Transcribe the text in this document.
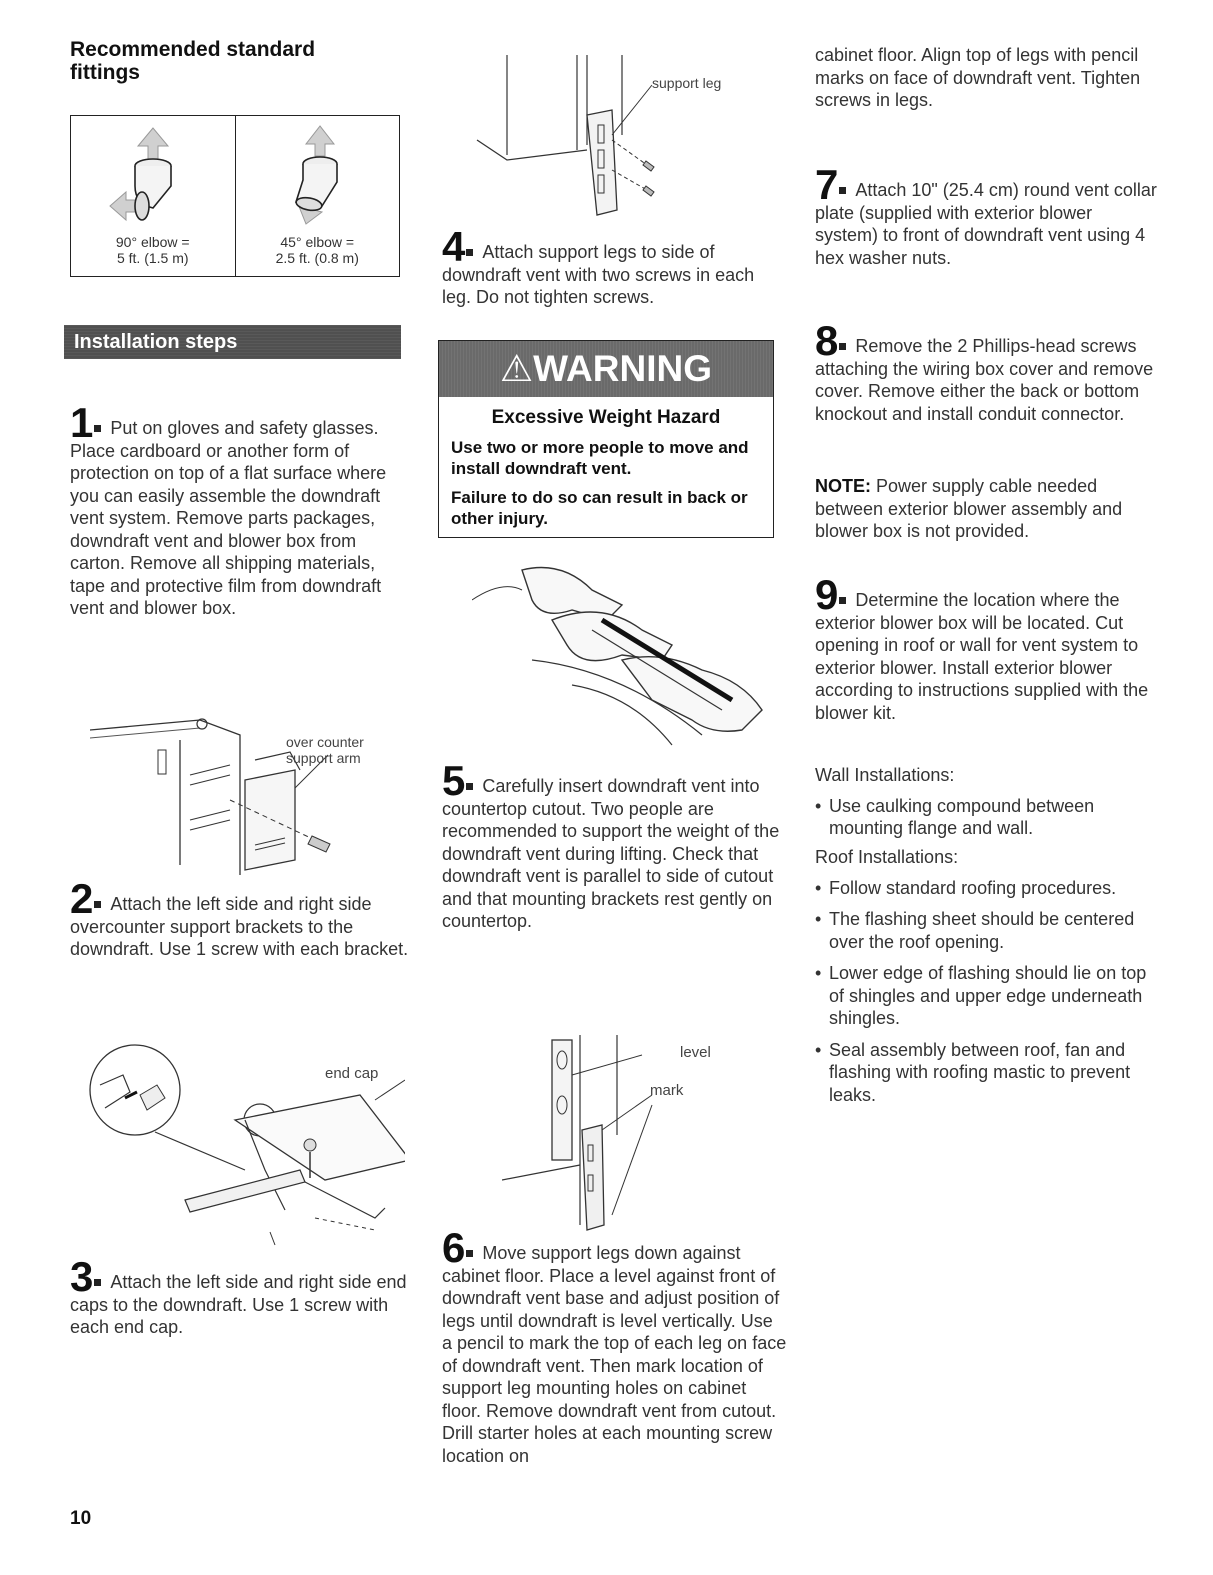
Recommended standard
fittings
90° elbow =
5 ft. (1.5 m)
45° elbow =
2.5 ft. (0.8 m)
Installation steps

1 Put on gloves and safety glasses. Place cardboard or another form of protection on top of a flat surface where you can easily assemble the downdraft vent system. Remove parts packages, downdraft vent and blower box from carton. Remove all shipping materials, tape and protective film from downdraft vent and blower box.

over counter
support arm

2 Attach the left side and right side overcounter support brackets to the downdraft. Use 1 screw with each bracket.

end cap

3 Attach the left side and right side end caps to the downdraft. Use 1 screw with each end cap.

support leg

4 Attach support legs to side of downdraft vent with two screws in each leg. Do not tighten screws.

⚠WARNING
Excessive Weight Hazard
Use two or more people to move and install downdraft vent.
Failure to do so can result in back or other injury.

5 Carefully insert downdraft vent into countertop cutout. Two people are recommended to support the weight of the downdraft vent during lifting. Check that downdraft vent is parallel to side of cutout and that mounting brackets rest gently on countertop.

level
mark

6 Move support legs down against cabinet floor. Place a level against front of downdraft vent base and adjust position of legs until downdraft is level vertically. Use a pencil to mark the top of each leg on face of downdraft vent. Then mark location of support leg mounting holes on cabinet floor. Remove downdraft vent from cutout. Drill starter holes at each mounting screw location on

cabinet floor. Align top of legs with pencil marks on face of downdraft vent. Tighten screws in legs.

7 Attach 10" (25.4 cm) round vent collar plate (supplied with exterior blower system) to front of downdraft vent using 4 hex washer nuts.

8 Remove the 2 Phillips-head screws attaching the wiring box cover and remove cover. Remove either the back or bottom knockout and install conduit connector.

NOTE: Power supply cable needed between exterior blower assembly and blower box is not provided.

9 Determine the location where the exterior blower box will be located. Cut opening in roof or wall for vent system to exterior blower. Install exterior blower according to instructions supplied with the blower kit.

Wall Installations:

• Use caulking compound between mounting flange and wall.

Roof Installations:

• Follow standard roofing procedures.
• The flashing sheet should be centered over the roof opening.
• Lower edge of flashing should lie on top of shingles and upper edge underneath shingles.
• Seal assembly between roof, fan and flashing with roofing mastic to prevent leaks.
10
